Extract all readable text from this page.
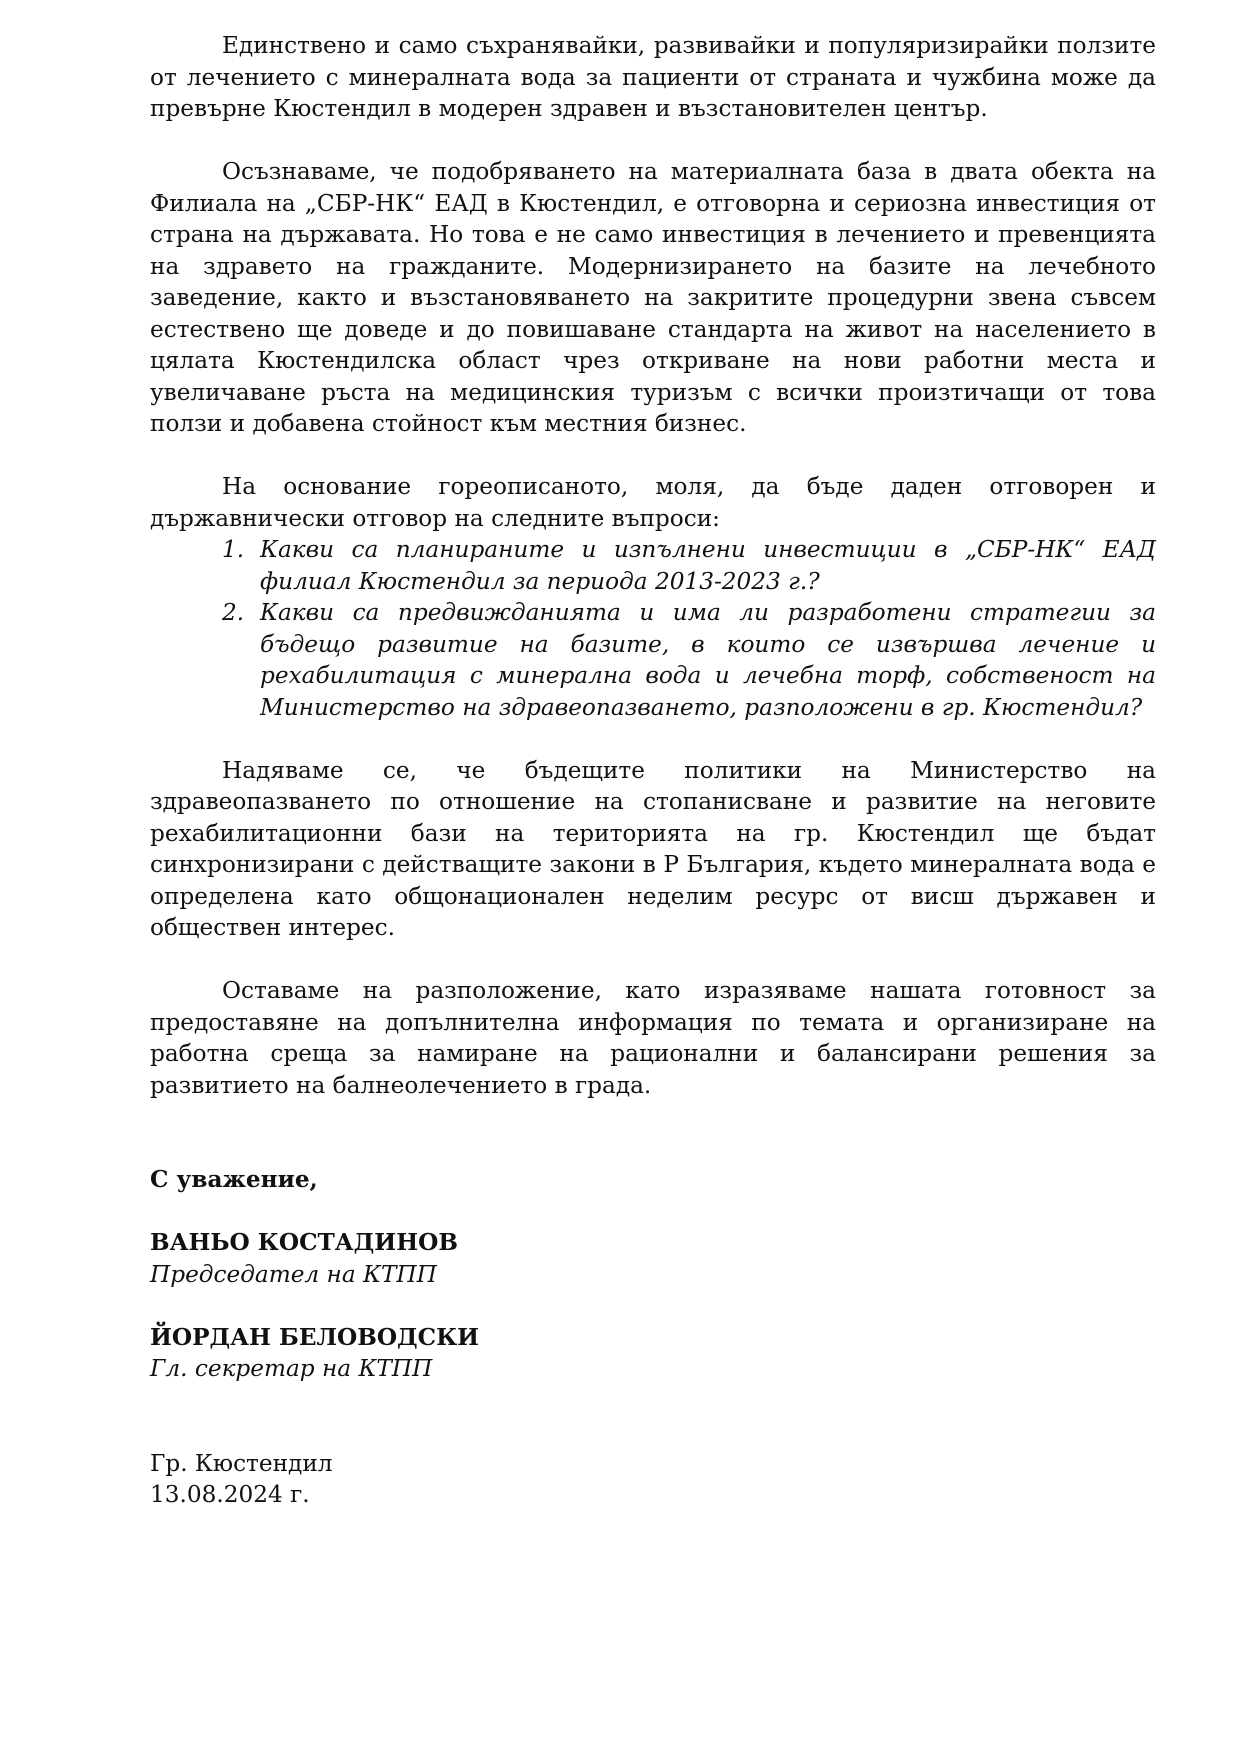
Единствено и само съхранявайки, развивайки и популяризирайки ползите от лечението с минералната вода за пациенти от страната и чужбина може да превърне Кюстендил в модерен здравен и възстановителен център.

Осъзнаваме, че подобряването на материалната база в двата обекта на Филиала на „СБР-НК“ ЕАД в Кюстендил, е отговорна и сериозна инвестиция от страна на държавата. Но това е не само инвестиция в лечението и превенцията на здравето на гражданите. Модернизирането на базите на лечебното заведение, както и възстановяването на закритите процедурни звена съвсем естествено ще доведе и до повишаване стандарта на живот на населението в цялата Кюстендилска област чрез откриване на нови работни места и увеличаване ръста на медицинския туризъм с всички произтичащи от това ползи и добавена стойност към местния бизнес.

На основание гореописаното, моля, да бъде даден отговорен и държавнически отговор на следните въпроси:

1. Какви са планираните и изпълнени инвестиции в „СБР-НК“ ЕАД филиал Кюстендил за периода 2013-2023 г.?
2. Какви са предвижданията и има ли разработени стратегии за бъдещо развитие на базите, в които се извършва лечение и рехабилитация с минерална вода и лечебна торф, собственост на Министерство на здравеопазването, разположени в гр. Кюстендил?

Надяваме се, че бъдещите политики на Министерство на здравеопазването по отношение на стопанисване и развитие на неговите рехабилитационни бази на територията на гр. Кюстендил ще бъдат синхронизирани с действащите закони в Р България, където минералната вода е определена като общонационален неделим ресурс от висш държавен и обществен интерес.

Оставаме на разположение, като изразяваме нашата готовност за предоставяне на допълнителна информация по темата и организиране на работна среща за намиране на рационални и балансирани решения за развитието на балнеолечението в града.

С уважение,

ВАНЬО КОСТАДИНОВ

Председател на КТПП

ЙОРДАН БЕЛОВОДСКИ

Гл. секретар на КТПП

Гр. Кюстендил

13.08.2024 г.
